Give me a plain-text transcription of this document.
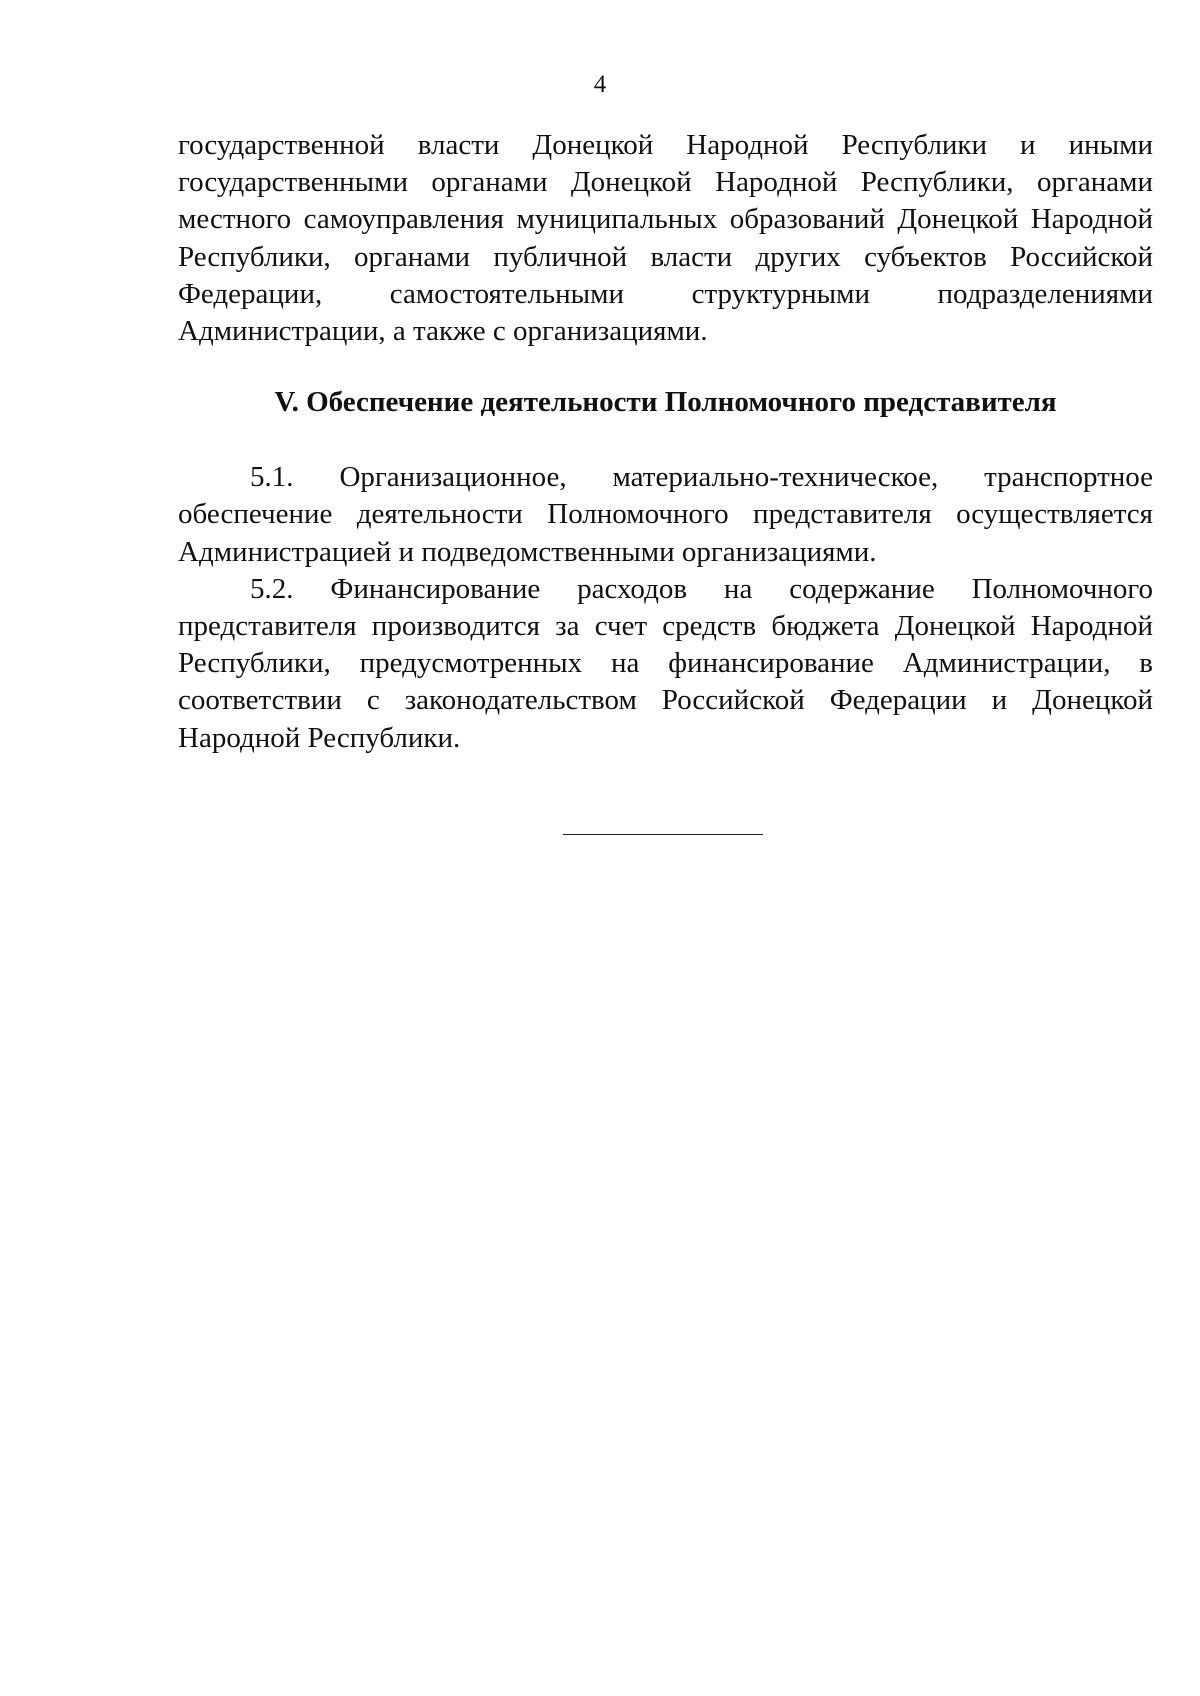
4

государственной власти Донецкой Народной Республики и иными государственными органами Донецкой Народной Республики, органами местного самоуправления муниципальных образований Донецкой Народной Республики, органами публичной власти других субъектов Российской Федерации, самостоятельными структурными подразделениями Администрации, а также с организациями.

V. Обеспечение деятельности Полномочного представителя

5.1. Организационное, материально-техническое, транспортное обеспечение деятельности Полномочного представителя осуществляется Администрацией и подведомственными организациями.

5.2. Финансирование расходов на содержание Полномочного представителя производится за счет средств бюджета Донецкой Народной Республики, предусмотренных на финансирование Администрации, в соответствии с законодательством Российской Федерации и Донецкой Народной Республики.
